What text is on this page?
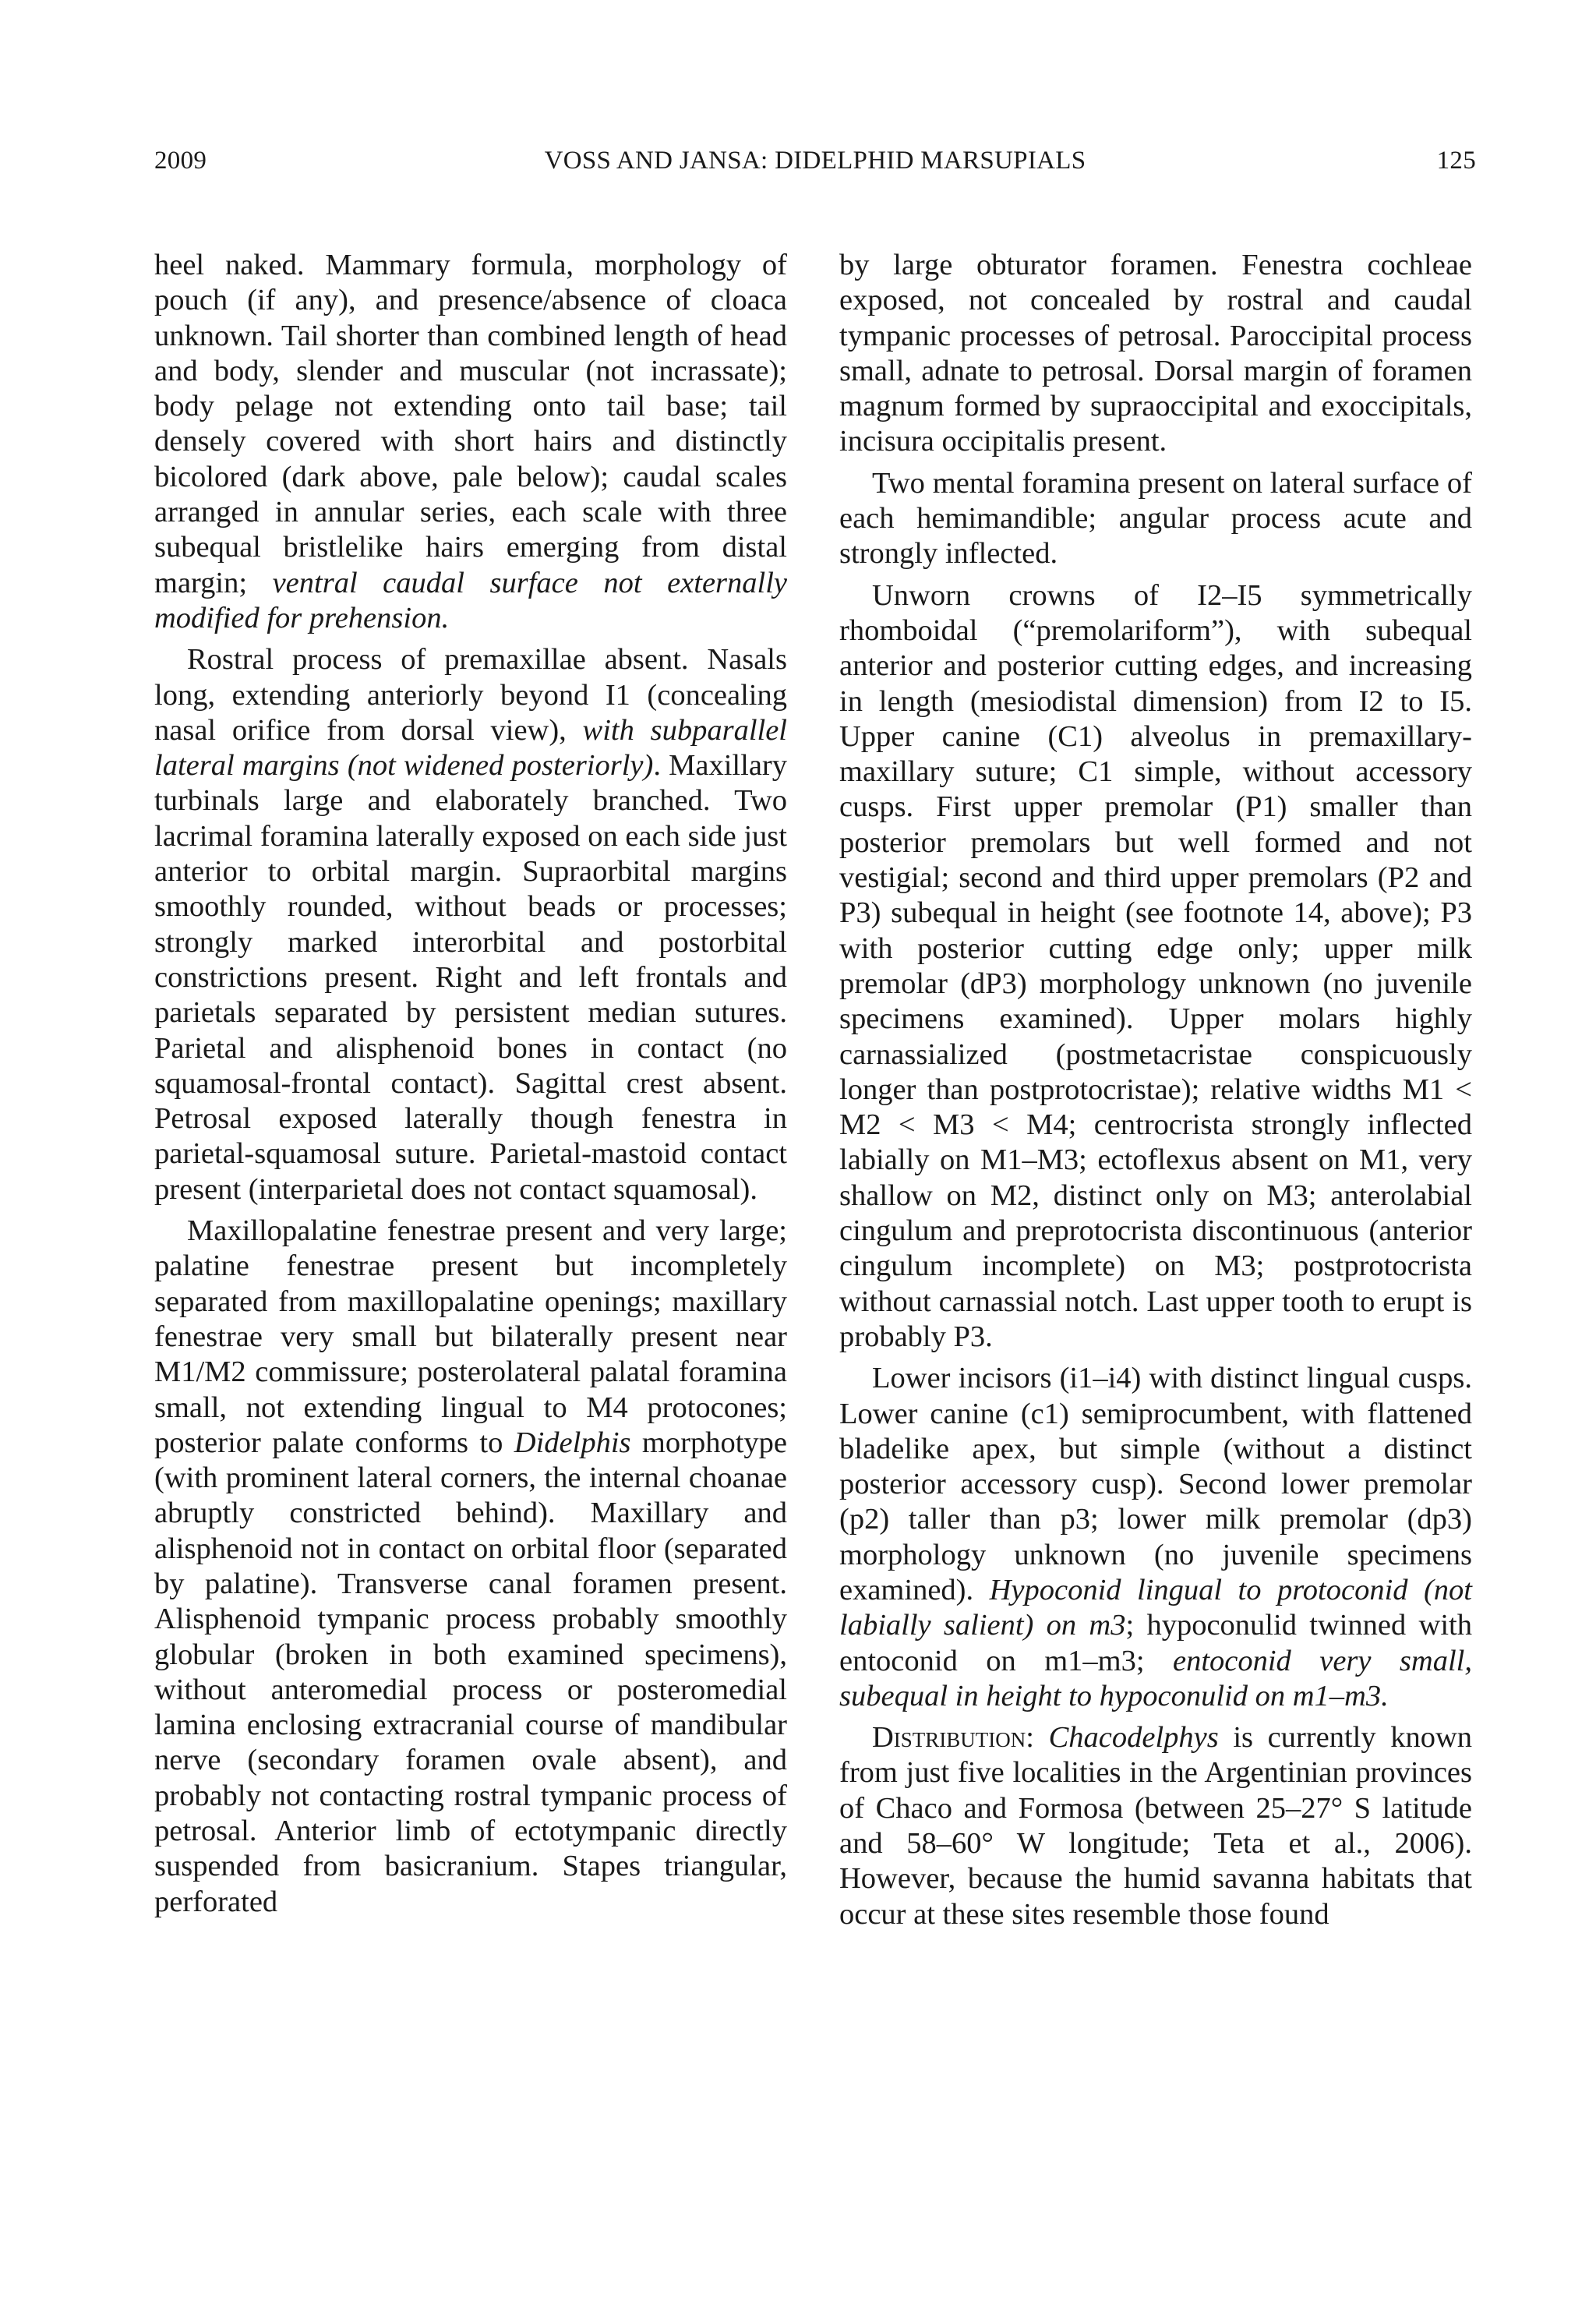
2009	VOSS AND JANSA: DIDELPHID MARSUPIALS	125

heel naked. Mammary formula, morphology of pouch (if any), and presence/absence of cloaca unknown. Tail shorter than combined length of head and body, slender and muscular (not incrassate); body pelage not extending onto tail base; tail densely covered with short hairs and distinctly bicolored (dark above, pale below); caudal scales arranged in annular series, each scale with three subequal bristlelike hairs emerging from distal margin; ventral caudal surface not externally modified for prehension.

Rostral process of premaxillae absent. Nasals long, extending anteriorly beyond I1 (concealing nasal orifice from dorsal view), with subparallel lateral margins (not widened posteriorly). Maxillary turbinals large and elaborately branched. Two lacrimal foramina laterally exposed on each side just anterior to orbital margin. Supraorbital margins smoothly rounded, without beads or processes; strongly marked interorbital and postorbital constrictions present. Right and left frontals and parietals separated by persistent median sutures. Parietal and alisphenoid bones in contact (no squamosal-frontal contact). Sagittal crest absent. Petrosal exposed laterally though fenestra in parietal-squamosal suture. Parietal-mastoid contact present (interparietal does not contact squamosal).

Maxillopalatine fenestrae present and very large; palatine fenestrae present but incompletely separated from maxillopalatine openings; maxillary fenestrae very small but bilaterally present near M1/M2 commissure; posterolateral palatal foramina small, not extending lingual to M4 protocones; posterior palate conforms to Didelphis morphotype (with prominent lateral corners, the internal choanae abruptly constricted behind). Maxillary and alisphenoid not in contact on orbital floor (separated by palatine). Transverse canal foramen present. Alisphenoid tympanic process probably smoothly globular (broken in both examined specimens), without anteromedial process or posteromedial lamina enclosing extracranial course of mandibular nerve (secondary foramen ovale absent), and probably not contacting rostral tympanic process of petrosal. Anterior limb of ectotympanic directly suspended from basicranium. Stapes triangular, perforated

by large obturator foramen. Fenestra cochleae exposed, not concealed by rostral and caudal tympanic processes of petrosal. Paroccipital process small, adnate to petrosal. Dorsal margin of foramen magnum formed by supraoccipital and exoccipitals, incisura occipitalis present.

Two mental foramina present on lateral surface of each hemimandible; angular process acute and strongly inflected.

Unworn crowns of I2–I5 symmetrically rhomboidal (“premolariform”), with subequal anterior and posterior cutting edges, and increasing in length (mesiodistal dimension) from I2 to I5. Upper canine (C1) alveolus in premaxillary-maxillary suture; C1 simple, without accessory cusps. First upper premolar (P1) smaller than posterior premolars but well formed and not vestigial; second and third upper premolars (P2 and P3) subequal in height (see footnote 14, above); P3 with posterior cutting edge only; upper milk premolar (dP3) morphology unknown (no juvenile specimens examined). Upper molars highly carnassialized (postmetacristae conspicuously longer than postprotocristae); relative widths M1 < M2 < M3 < M4; centrocrista strongly inflected labially on M1–M3; ectoflexus absent on M1, very shallow on M2, distinct only on M3; anterolabial cingulum and preprotocrista discontinuous (anterior cingulum incomplete) on M3; postprotocrista without carnassial notch. Last upper tooth to erupt is probably P3.

Lower incisors (i1–i4) with distinct lingual cusps. Lower canine (c1) semiprocumbent, with flattened bladelike apex, but simple (without a distinct posterior accessory cusp). Second lower premolar (p2) taller than p3; lower milk premolar (dp3) morphology unknown (no juvenile specimens examined). Hypoconid lingual to protoconid (not labially salient) on m3; hypoconulid twinned with entoconid on m1–m3; entoconid very small, subequal in height to hypoconulid on m1–m3.

Distribution: Chacodelphys is currently known from just five localities in the Argentinian provinces of Chaco and Formosa (between 25–27° S latitude and 58–60° W longitude; Teta et al., 2006). However, because the humid savanna habitats that occur at these sites resemble those found
